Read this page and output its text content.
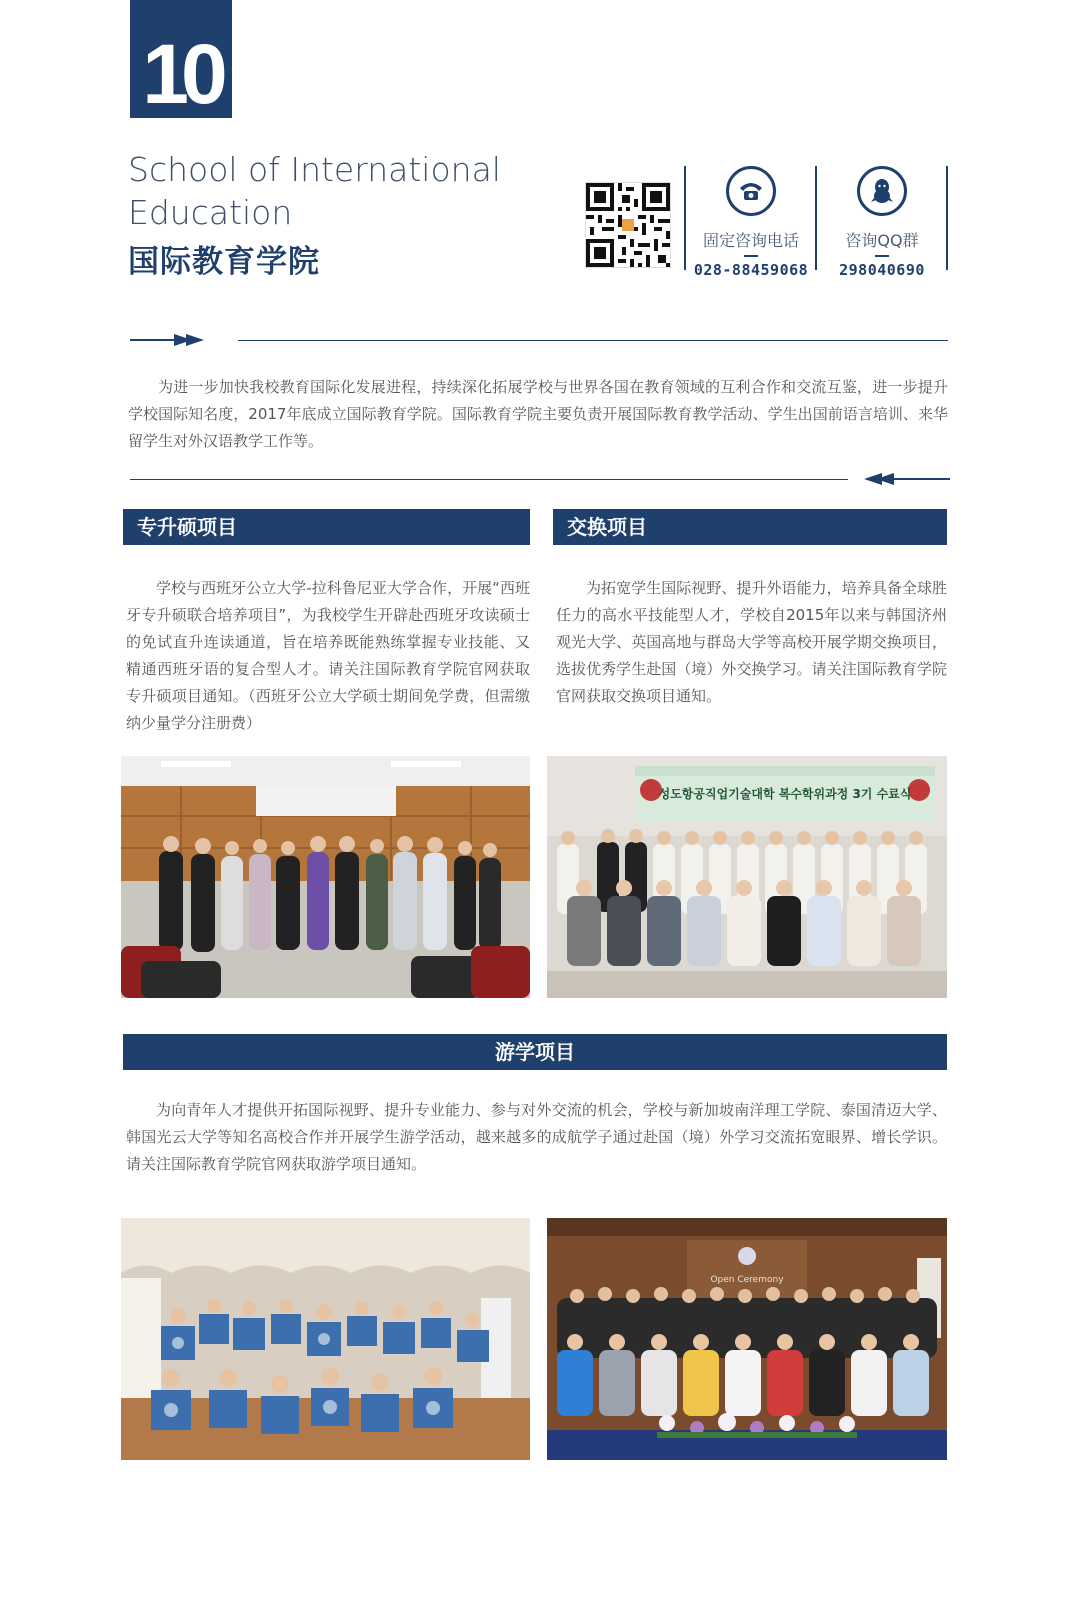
10
School of International
Education
国际教育学院
固定咨询电话
028-88459068
咨询QQ群
298040690
为进一步加快我校教育国际化发展进程，持续深化拓展学校与世界各国在教育领域的互利合作和交流互鉴，进一步提升学校国际知名度，2017年底成立国际教育学院。国际教育学院主要负责开展国际教育教学活动、学生出国前语言培训、来华留学生对外汉语教学工作等。
专升硕项目	交换项目
学校与西班牙公立大学-拉科鲁尼亚大学合作，开展“西班牙专升硕联合培养项目”，为我校学生开辟赴西班牙攻读硕士的免试直升连读通道，旨在培养既能熟练掌握专业技能、又精通西班牙语的复合型人才。请关注国际教育学院官网获取专升硕项目通知。（西班牙公立大学硕士期间免学费，但需缴纳少量学分注册费）
为拓宽学生国际视野、提升外语能力，培养具备全球胜任力的高水平技能型人才，学校自2015年以来与韩国济州观光大学、英国高地与群岛大学等高校开展学期交换项目，选拔优秀学生赴国（境）外交换学习。请关注国际教育学院官网获取交换项目通知。
성도항공직업기술대학 복수학위과정 3기 수료식
游学项目
为向青年人才提供开拓国际视野、提升专业能力、参与对外交流的机会，学校与新加坡南洋理工学院、泰国清迈大学、韩国光云大学等知名高校合作并开展学生游学活动，越来越多的成航学子通过赴国（境）外学习交流拓宽眼界、增长学识。请关注国际教育学院官网获取游学项目通知。
Open Ceremony
